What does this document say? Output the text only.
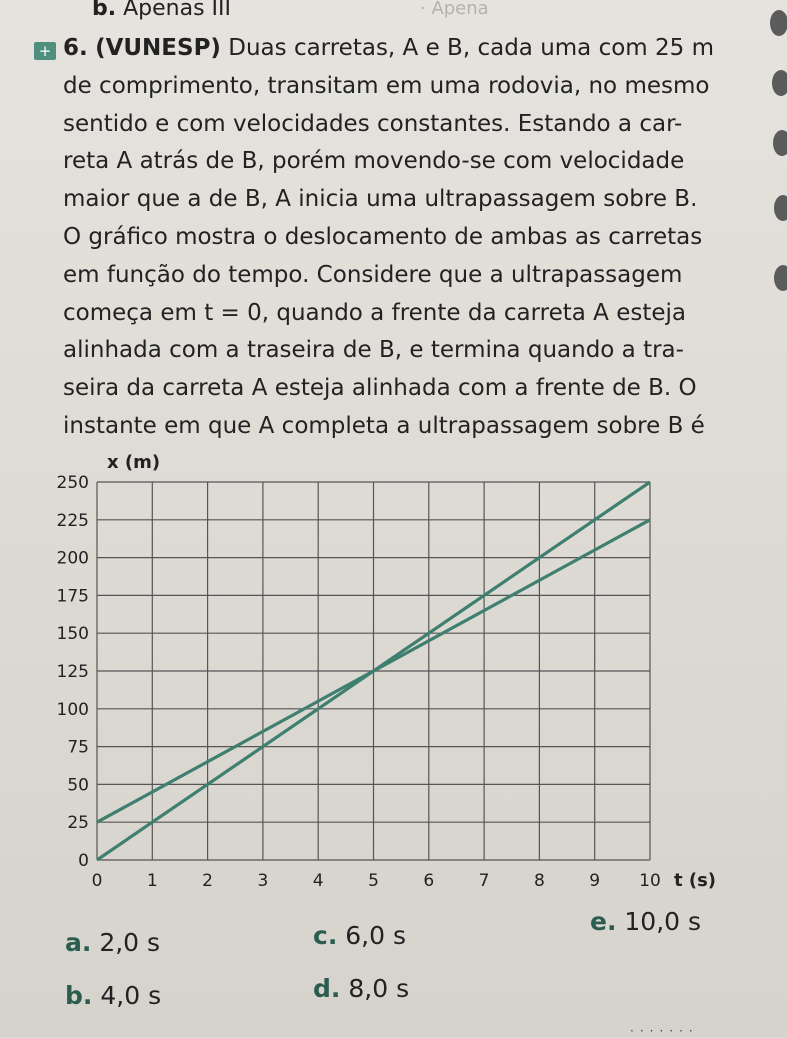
b. Apenas III	· Apena
+ 6. (VUNESP) Duas carretas, A e B, cada uma com 25 m
de comprimento, transitam em uma rodovia, no mesmo
sentido e com velocidades constantes. Estando a car-
reta A atrás de B, porém movendo-se com velocidade
maior que a de B, A inicia uma ultrapassagem sobre B.
O gráfico mostra o deslocamento de ambas as carretas
em função do tempo. Considere que a ultrapassagem
começa em t = 0, quando a frente da carreta A esteja
alinhada com a traseira de B, e termina quando a tra-
seira da carreta A esteja alinhada com a frente de B. O
instante em que A completa a ultrapassagem sobre B é
0	1	2	3	4	5	6	7	8	9 10
0
25
50
75
100
125
150
175
200
225
250
x (m)
t (s)
a. 2,0 s
b. 4,0 s
c. 6,0 s
d. 8,0 s
e. 10,0 s
·······
